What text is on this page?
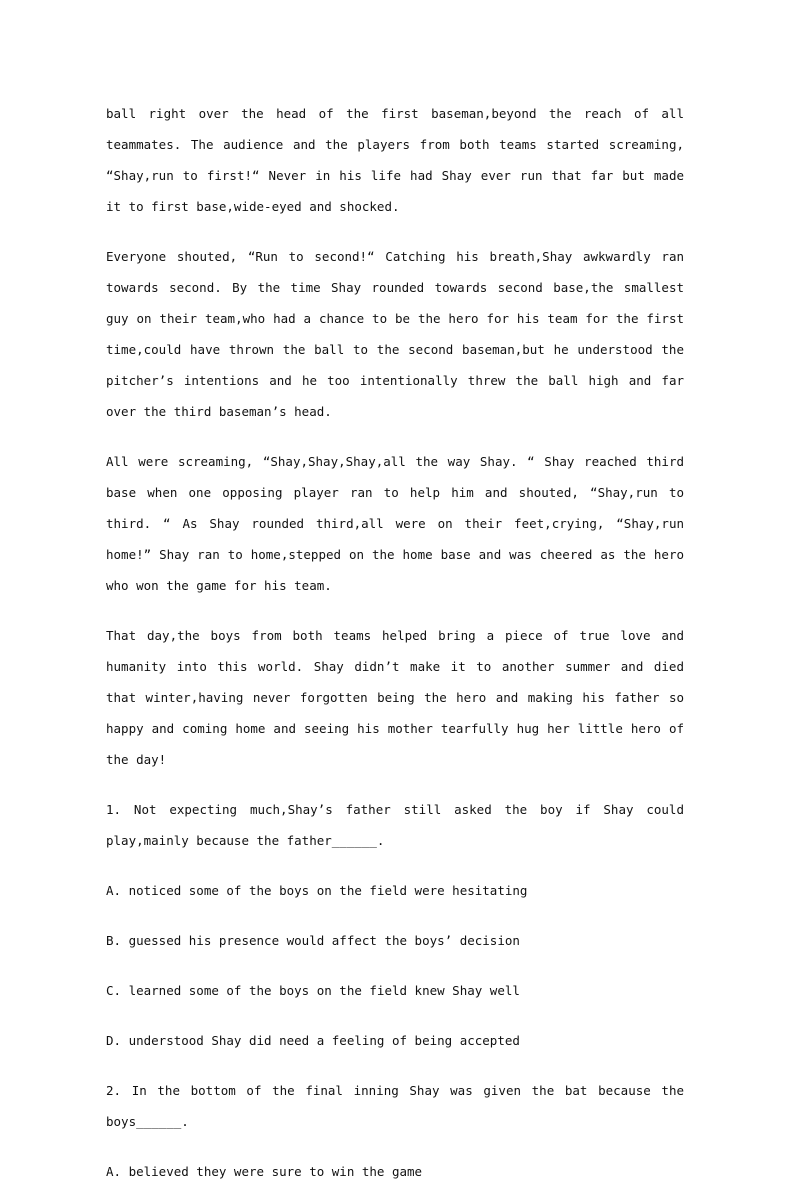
ball right over the head of the first baseman,beyond the reach of all teammates. The audience and the players from both teams started screaming, “Shay,run to first!“ Never in his life had Shay ever run that far but made it to first base,wide-eyed and shocked.

Everyone shouted, “Run to second!“ Catching his breath,Shay awkwardly ran towards second. By the time Shay rounded towards second base,the smallest guy on their team,who had a chance to be the hero for his team for the first time,could have thrown the ball to the second baseman,but he understood the pitcher’s intentions and he too intentionally threw the ball high and far over the third baseman’s head.

All were screaming, “Shay,Shay,Shay,all the way Shay. “ Shay reached third base when one opposing player ran to help him and shouted, “Shay,run to third. “ As Shay rounded third,all were on their feet,crying, “Shay,run home!” Shay ran to home,stepped on the home base and was cheered as the hero who won the game for his team.

That day,the boys from both teams helped bring a piece of true love and humanity into this world. Shay didn’t make it to another summer and died that winter,having never forgotten being the hero and making his father so happy and coming home and seeing his mother tearfully hug her little hero of the day!

1. Not expecting much,Shay’s father still asked the boy if Shay could play,mainly because the father______.

A. noticed some of the boys on the field were hesitating

B. guessed his presence would affect the boys’ decision

C. learned some of the boys on the field knew Shay well

D. understood Shay did need a feeling of being accepted

2. In the bottom of the final inning Shay was given the bat because the boys______.

A. believed they were sure to win the game
